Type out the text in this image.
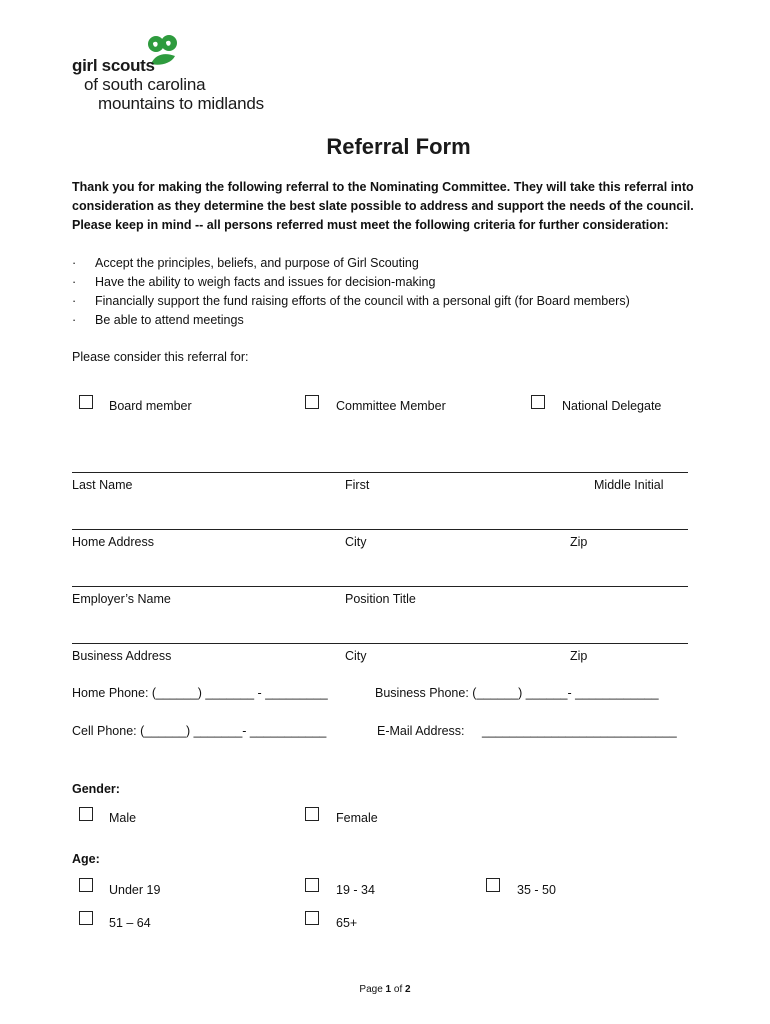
girl scouts
of south carolina
mountains to midlands
Referral Form
Thank you for making the following referral to the Nominating Committee. They will take this referral into consideration as they determine the best slate possible to address and support the needs of the council. Please keep in mind -- all persons referred must meet the following criteria for further consideration:
· Accept the principles, beliefs, and purpose of Girl Scouting
· Have the ability to weigh facts and issues for decision-making
· Financially support the fund raising efforts of the council with a personal gift (for Board members)
· Be able to attend meetings
Please consider this referral for:
Board member	Committee Member	National Delegate
Last Name	First	Middle Initial
Home Address	City	Zip
Employer’s Name	Position Title
Business Address	City	Zip
Home Phone: (______) _______ - _________	Business Phone: (______) ______- ____________
Cell Phone: (______) _______- ___________	E-Mail Address: ____________________________
Gender:
Male	Female
Age:
Under 19	19 - 34	35 - 50
51 – 64	65+
Page 1 of 2
